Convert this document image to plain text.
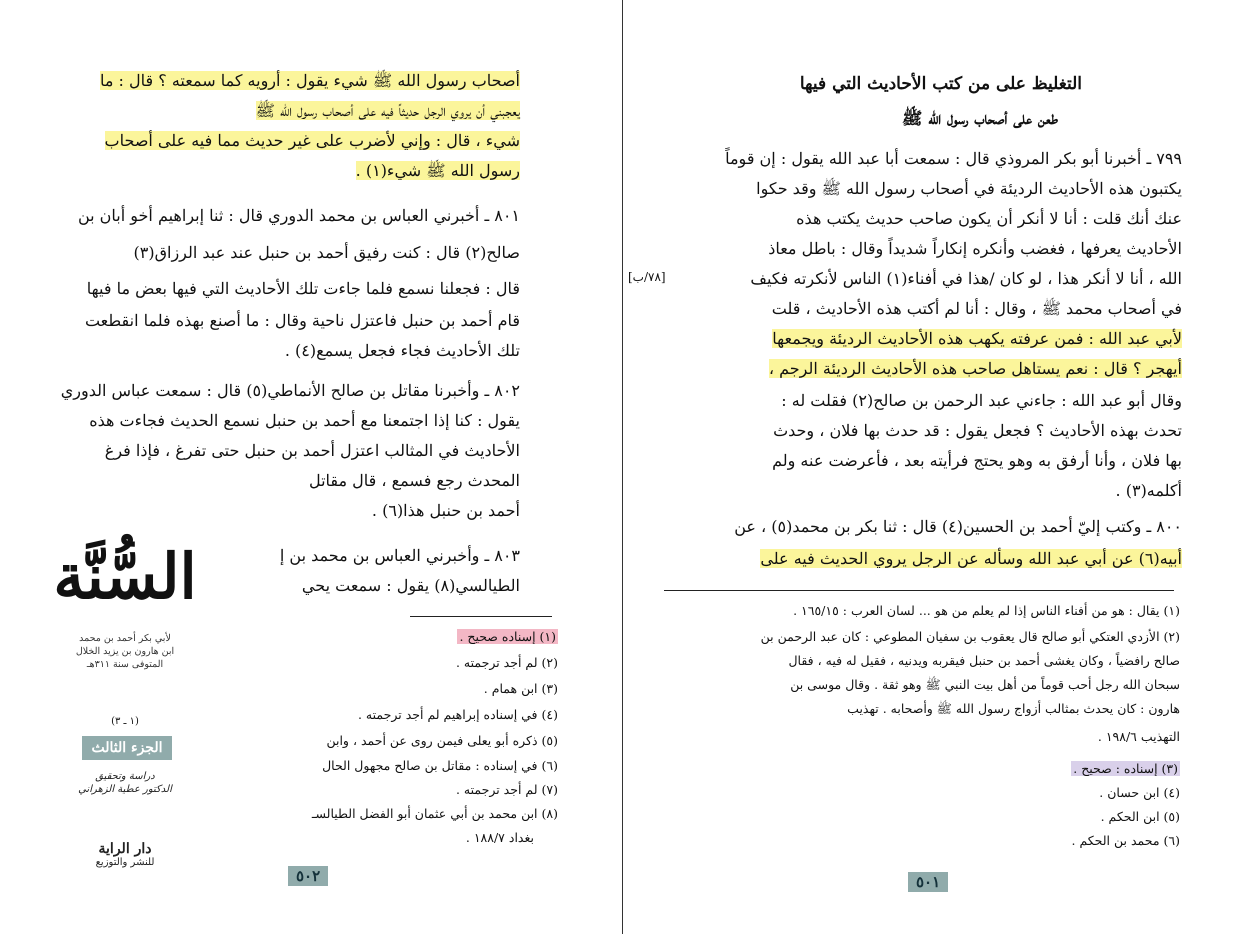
أصحاب رسول الله ﷺ شيء يقول : أرويه كما سمعته ؟ قال : ما
يعجبني أن يروي الرجل حديثاً فيه على أصحاب رسول الله ﷺ
شيء ، قال : وإني لأضرب على غير حديث مما فيه على أصحاب
رسول الله ﷺ شيء(١) .
٨٠١ ـ أخبرني العباس بن محمد الدوري قال : ثنا إبراهيم أخو أبان بن
صالح(٢) قال : كنت رفيق أحمد بن حنبل عند عبد الرزاق(٣)
قال : فجعلنا نسمع فلما جاءت تلك الأحاديث التي فيها بعض ما فيها
قام أحمد بن حنبل فاعتزل ناحية وقال : ما أصنع بهذه فلما انقطعت
تلك الأحاديث فجاء فجعل يسمع(٤) .
٨٠٢ ـ وأخبرنا مقاتل بن صالح الأنماطي(٥) قال : سمعت عباس الدوري
يقول : كنا إذا اجتمعنا مع أحمد بن حنبل نسمع الحديث فجاءت هذه
الأحاديث في المثالب اعتزل أحمد بن حنبل حتى تفرغ ، فإذا فرغ
المحدث رجع فسمع ، قال مقاتل
أحمد بن حنبل هذا(٦) .
٨٠٣ ـ وأخبرني العباس بن محمد بن إ
الطيالسي(٨) يقول : سمعت يحي
(١) إسناده صحيح .
(٢) لم أجد ترجمته .
(٣) ابن همام .
(٤) في إسناده إبراهيم لم أجد ترجمته .
(٥) ذكره أبو يعلى فيمن روى عن أحمد ، وابن
(٦) في إسناده : مقاتل بن صالح مجهول الحال
(٧) لم أجد ترجمته .
(٨) ابن محمد بن أبي عثمان أبو الفضل الطيالسـ
بغداد ١٨٨/٧ .
٥٠٢
السُّنَّة
لأبي بكر أحمد بن محمد
ابن هارون بن يزيد الخلال
المتوفى سنة ٣١١هـ
(١ ـ ٣)
الجزء الثالث
دراسة وتحقيق
الدكتور عطية الزهراني
دار الراية
للنشر والتوزيع
التغليظ على من كتب الأحاديث التي فيها
طعن على أصحاب رسول الله ﷺ
٧٩٩ ـ أخبرنا أبو بكر المروذي قال : سمعت أبا عبد الله يقول : إن قوماً
يكتبون هذه الأحاديث الرديئة في أصحاب رسول الله ﷺ وقد حكوا
عنك أنك قلت : أنا لا أنكر أن يكون صاحب حديث يكتب هذه
الأحاديث يعرفها ، فغضب وأنكره إنكاراً شديداً وقال : باطل معاذ
الله ، أنا لا أنكر هذا ، لو كان /هذا في أفناء(١) الناس لأنكرته فكيف
[٧٨/ب]
في أصحاب محمد ﷺ ، وقال : أنا لم أكتب هذه الأحاديث ، قلت
لأبي عبد الله : فمن عرفته يكهب هذه الأحاديث الرديئة ويجمعها
أيهجر ؟ قال : نعم يستاهل صاحب هذه الأحاديث الرديئة الرجم ،
وقال أبو عبد الله : جاءني عبد الرحمن بن صالح(٢) فقلت له :
تحدث بهذه الأحاديث ؟ فجعل يقول : قد حدث بها فلان ، وحدث
بها فلان ، وأنا أرفق به وهو يحتج فرأيته بعد ، فأعرضت عنه ولم
أكلمه(٣) .
٨٠٠ ـ وكتب إليّ أحمد بن الحسين(٤) قال : ثنا بكر بن محمد(٥) ، عن
أبيه(٦) عن أبي عبد الله وسأله عن الرجل يروي الحديث فيه على
(١) يقال : هو من أفناء الناس إذا لم يعلم من هو ... لسان العرب : ١٦٥/١٥ .
(٢) الأزدي العتكي أبو صالح قال يعقوب بن سفيان المطوعي : كان عبد الرحمن بن
صالح رافضياً ، وكان يغشى أحمد بن حنبل فيقربه ويدنيه ، فقيل له فيه ، فقال
سبحان الله رجل أحب قوماً من أهل بيت النبي ﷺ وهو ثقة . وقال موسى بن
هارون : كان يحدث بمثالب أزواج رسول الله ﷺ وأصحابه . تهذيب
التهذيب ١٩٨/٦ .
(٣) إسناده : صحيح .
(٤) ابن حسان .
(٥) ابن الحكم .
(٦) محمد بن الحكم .
٥٠١
